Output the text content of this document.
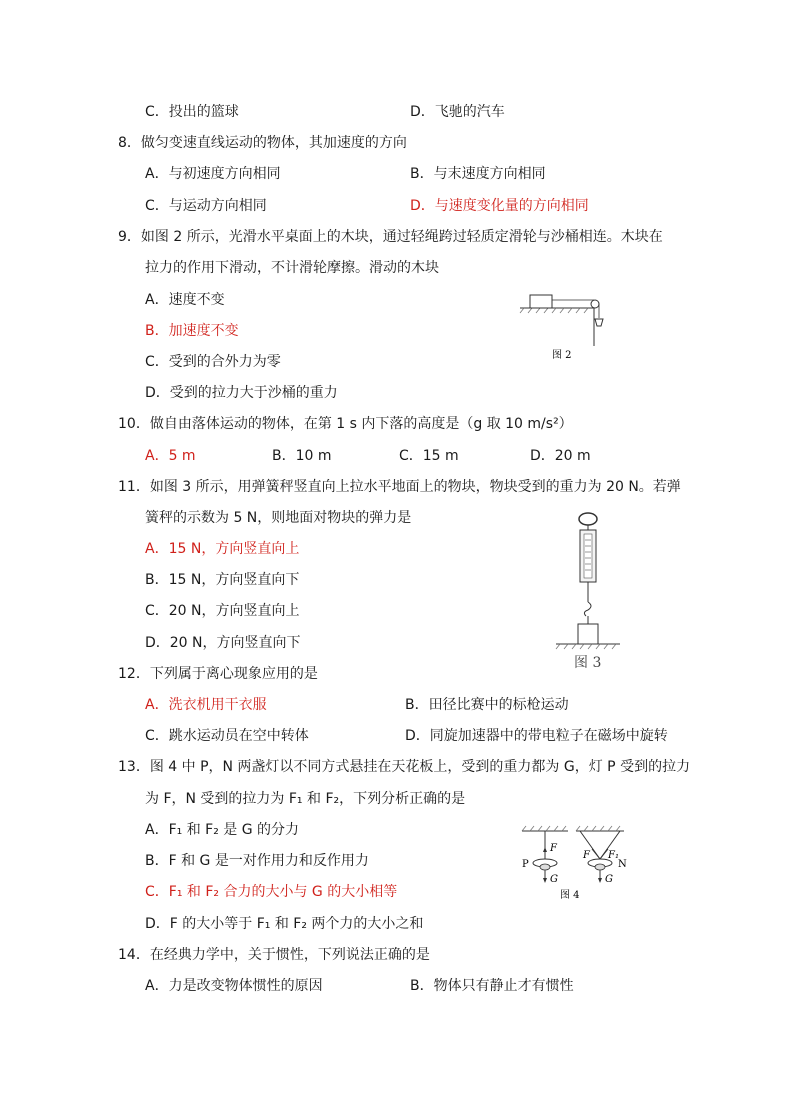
C．投出的篮球	D．飞驰的汽车
8．做匀变速直线运动的物体，其加速度的方向
A．与初速度方向相同	B．与末速度方向相同
C．与运动方向相同	D．与速度变化量的方向相同
9．如图 2 所示，光滑水平桌面上的木块，通过轻绳跨过轻质定滑轮与沙桶相连。木块在
拉力的作用下滑动，不计滑轮摩擦。滑动的木块
A．速度不变
B．加速度不变
C．受到的合外力为零
D．受到的拉力大于沙桶的重力
图 2
10．做自由落体运动的物体，在第 1 s 内下落的高度是（g 取 10 m/s²）
A．5 m	B．10 m	C．15 m	D．20 m
11．如图 3 所示，用弹簧秤竖直向上拉水平地面上的物块，物块受到的重力为 20 N。若弹
簧秤的示数为 5 N，则地面对物块的弹力是
A．15 N，方向竖直向上
B．15 N，方向竖直向下
C．20 N，方向竖直向上
D．20 N，方向竖直向下
图 3
12．下列属于离心现象应用的是
A．洗衣机用干衣服	B．田径比赛中的标枪运动
C．跳水运动员在空中转体	D．同旋加速器中的带电粒子在磁场中旋转
13．图 4 中 P，N 两盏灯以不同方式悬挂在天花板上，受到的重力都为 G，灯 P 受到的拉力
为 F，N 受到的拉力为 F₁ 和 F₂，下列分析正确的是
A．F₁ 和 F₂ 是 G 的分力
B．F 和 G 是一对作用力和反作用力
C．F₁ 和 F₂ 合力的大小与 G 的大小相等
D．F 的大小等于 F₁ 和 F₂ 两个力的大小之和
F
G
P
F F₁
G
N
图 4
14．在经典力学中，关于惯性，下列说法正确的是
A．力是改变物体惯性的原因	B．物体只有静止才有惯性
